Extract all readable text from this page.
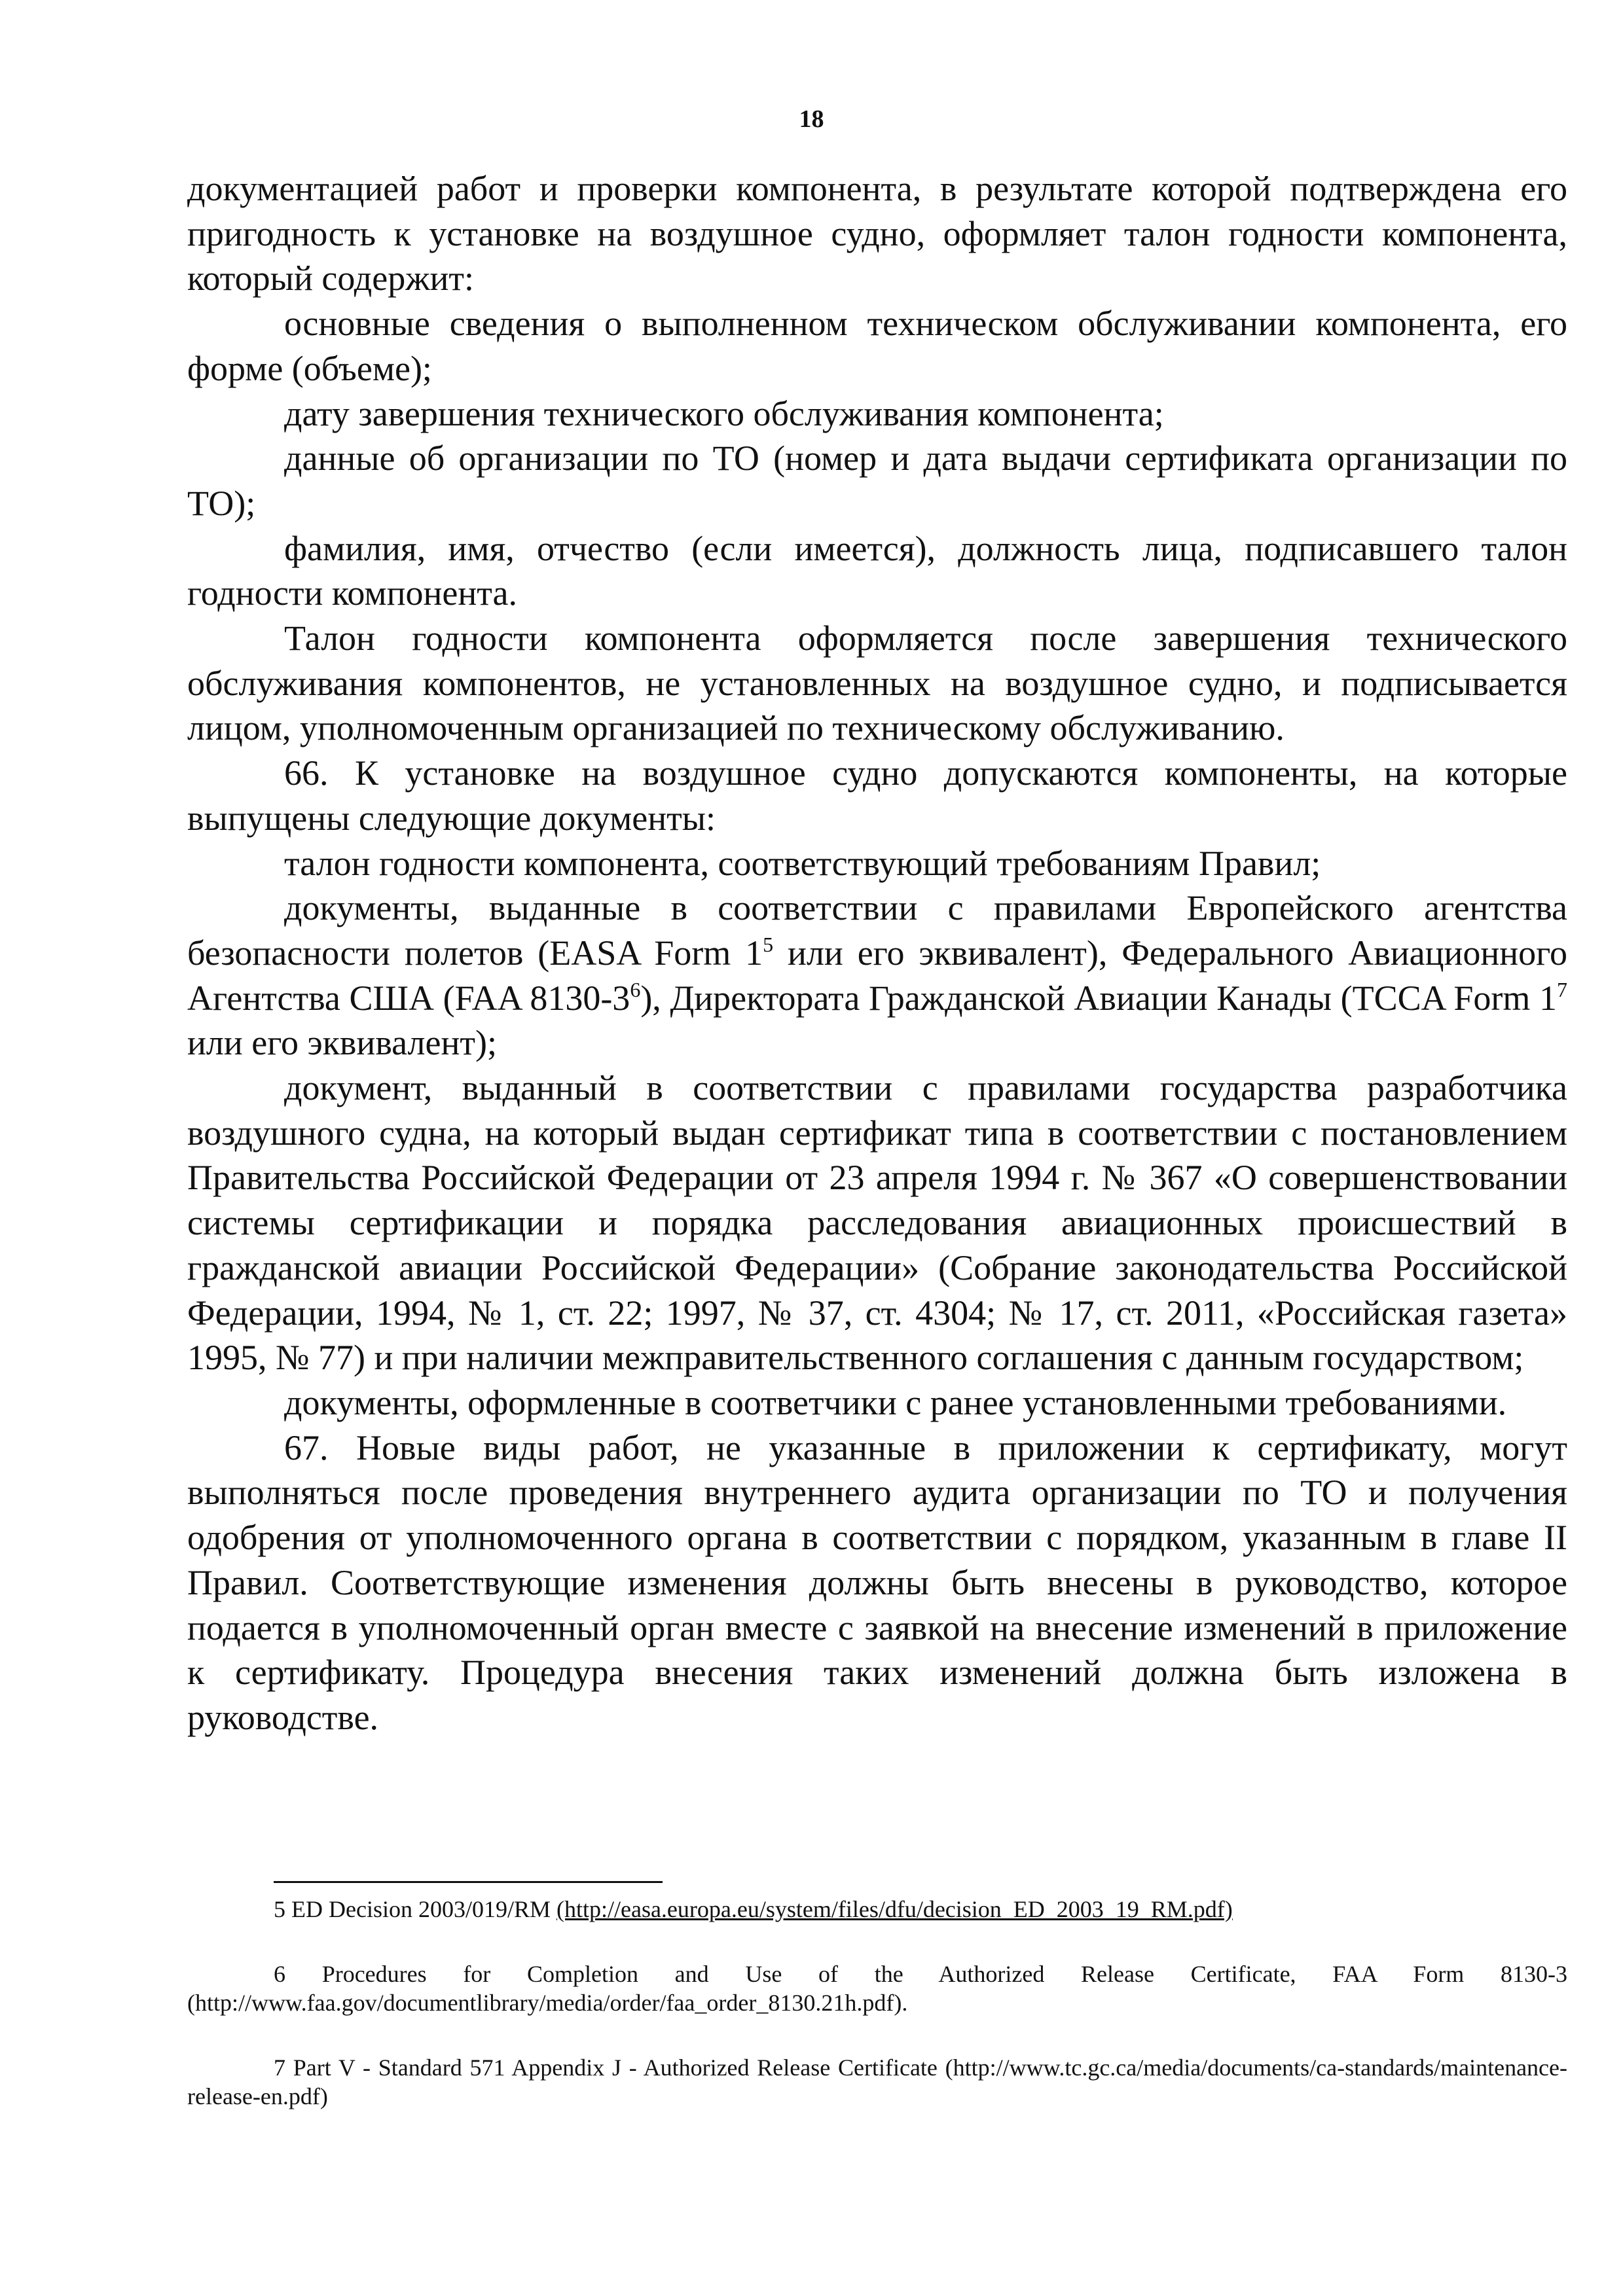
18

документацией работ и проверки компонента, в результате которой подтверждена его пригодность к установке на воздушное судно, оформляет талон годности компонента, который содержит:

основные сведения о выполненном техническом обслуживании компонента, его форме (объеме);

дату завершения технического обслуживания компонента;

данные об организации по ТО (номер и дата выдачи сертификата организации по ТО);

фамилия, имя, отчество (если имеется), должность лица, подписавшего талон годности компонента.

Талон годности компонента оформляется после завершения технического обслуживания компонентов, не установленных на воздушное судно, и подписывается лицом, уполномоченным организацией по техническому обслуживанию.

66. К установке на воздушное судно допускаются компоненты, на которые выпущены следующие документы:

талон годности компонента, соответствующий требованиям Правил;

документы, выданные в соответствии с правилами Европейского агентства безопасности полетов (EASA Form $1^5$ или его эквивалент), Федерального Авиационного Агентства США (FAA $8130-3^6$), Директората Гражданской Авиации Канады (TCCA Form $1^7$ или его эквивалент);

документ, выданный в соответствии с правилами государства разработчика воздушного судна, на который выдан сертификат типа в соответствии с постановлением Правительства Российской Федерации от 23 апреля 1994 г. № 367 «О совершенствовании системы сертификации и порядка расследования авиационных происшествий в гражданской авиации Российской Федерации» (Собрание законодательства Российской Федерации, 1994, № 1, ст. 22; 1997, № 37, ст. 4304; № 17, ст. 2011, «Российская газета» 1995, № 77) и при наличии межправительственного соглашения с данным государством;

документы, оформленные в соответчики с ранее установленными требованиями.

67. Новые виды работ, не указанные в приложении к сертификату, могут выполняться после проведения внутреннего аудита организации по ТО и получения одобрения от уполномоченного органа в соответствии с порядком, указанным в главе II Правил. Соответствующие изменения должны быть внесены в руководство, которое подается в уполномоченный орган вместе с заявкой на внесение изменений в приложение к сертификату. Процедура внесения таких изменений должна быть изложена в руководстве.

5 ED Decision 2003/019/RM (http://easa.europa.eu/system/files/dfu/decision_ED_2003_19_RM.pdf)

6 Procedures for Completion and Use of the Authorized Release Certificate, FAA Form 8130-3 (http://www.faa.gov/documentlibrary/media/order/faa_order_8130.21h.pdf).

7 Part V - Standard 571 Appendix J - Authorized Release Certificate (http://www.tc.gc.ca/media/documents/ca-standards/maintenance-release-en.pdf)
